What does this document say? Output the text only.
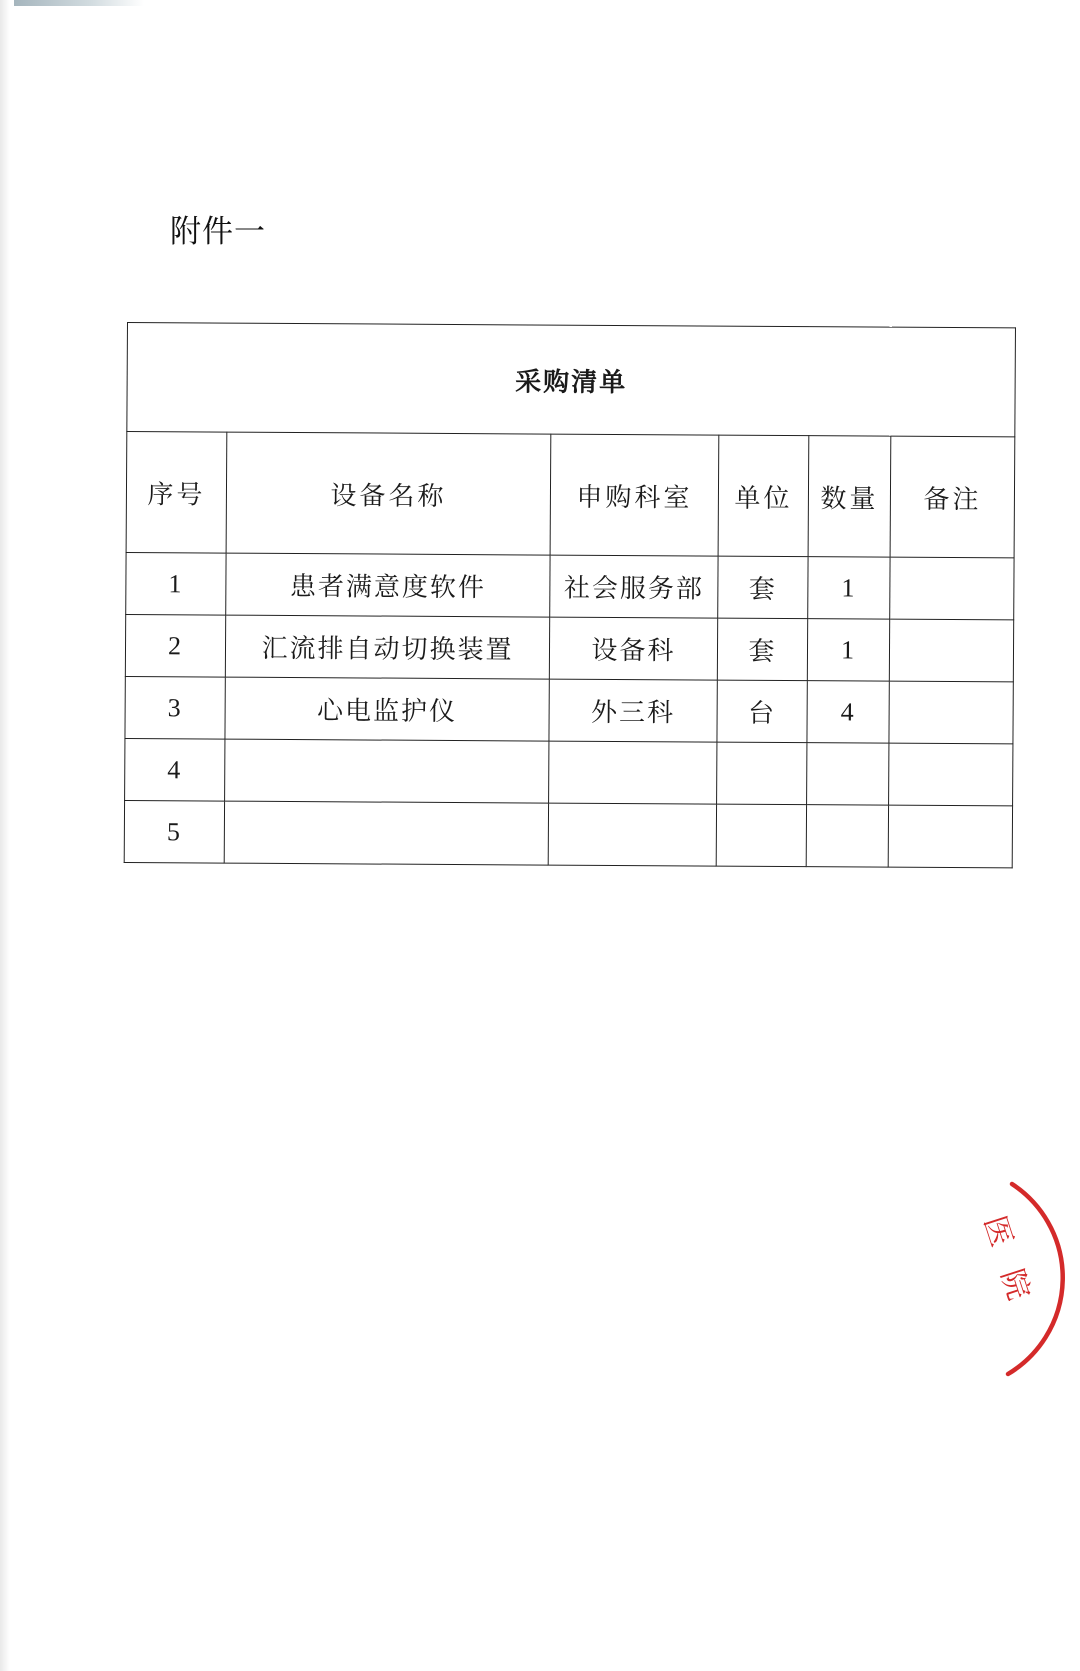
附件一
采购清单					
序号	设备名称	申购科室	单位	数量	备注
1	患者满意度软件	社会服务部	套	1	
2	汇流排自动切换装置	设备科	套	1	
3	心电监护仪	外三科	台	4	
4					
5					
医院
